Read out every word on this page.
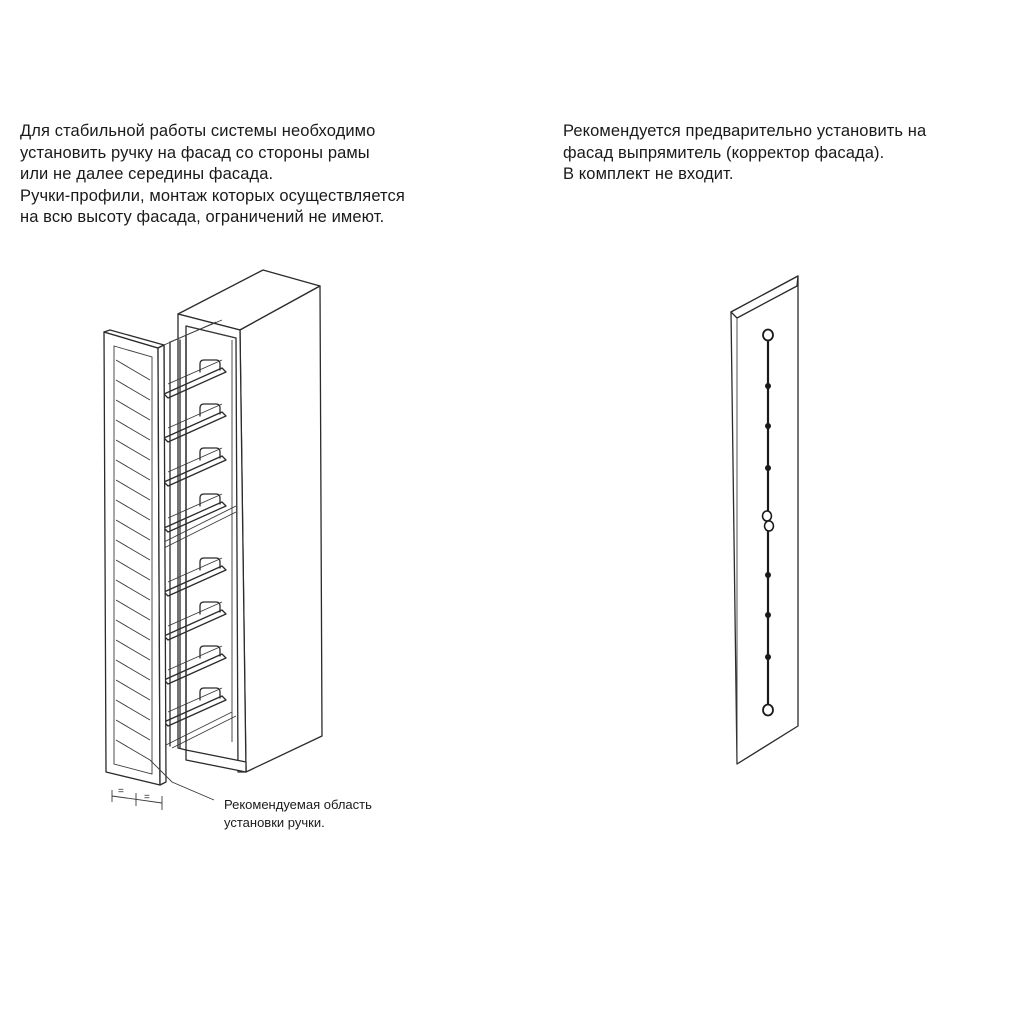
Для стабильной работы системы необходимо
установить ручку на фасад со стороны рамы
или не далее середины фасада.
Ручки-профили, монтаж которых осуществляется
на всю высоту фасада, ограничений не имеют.
Рекомендуется предварительно установить на
фасад выпрямитель (корректор фасада).
В комплект не входит.
=
=	Рекомендуемая область
установки ручки.
